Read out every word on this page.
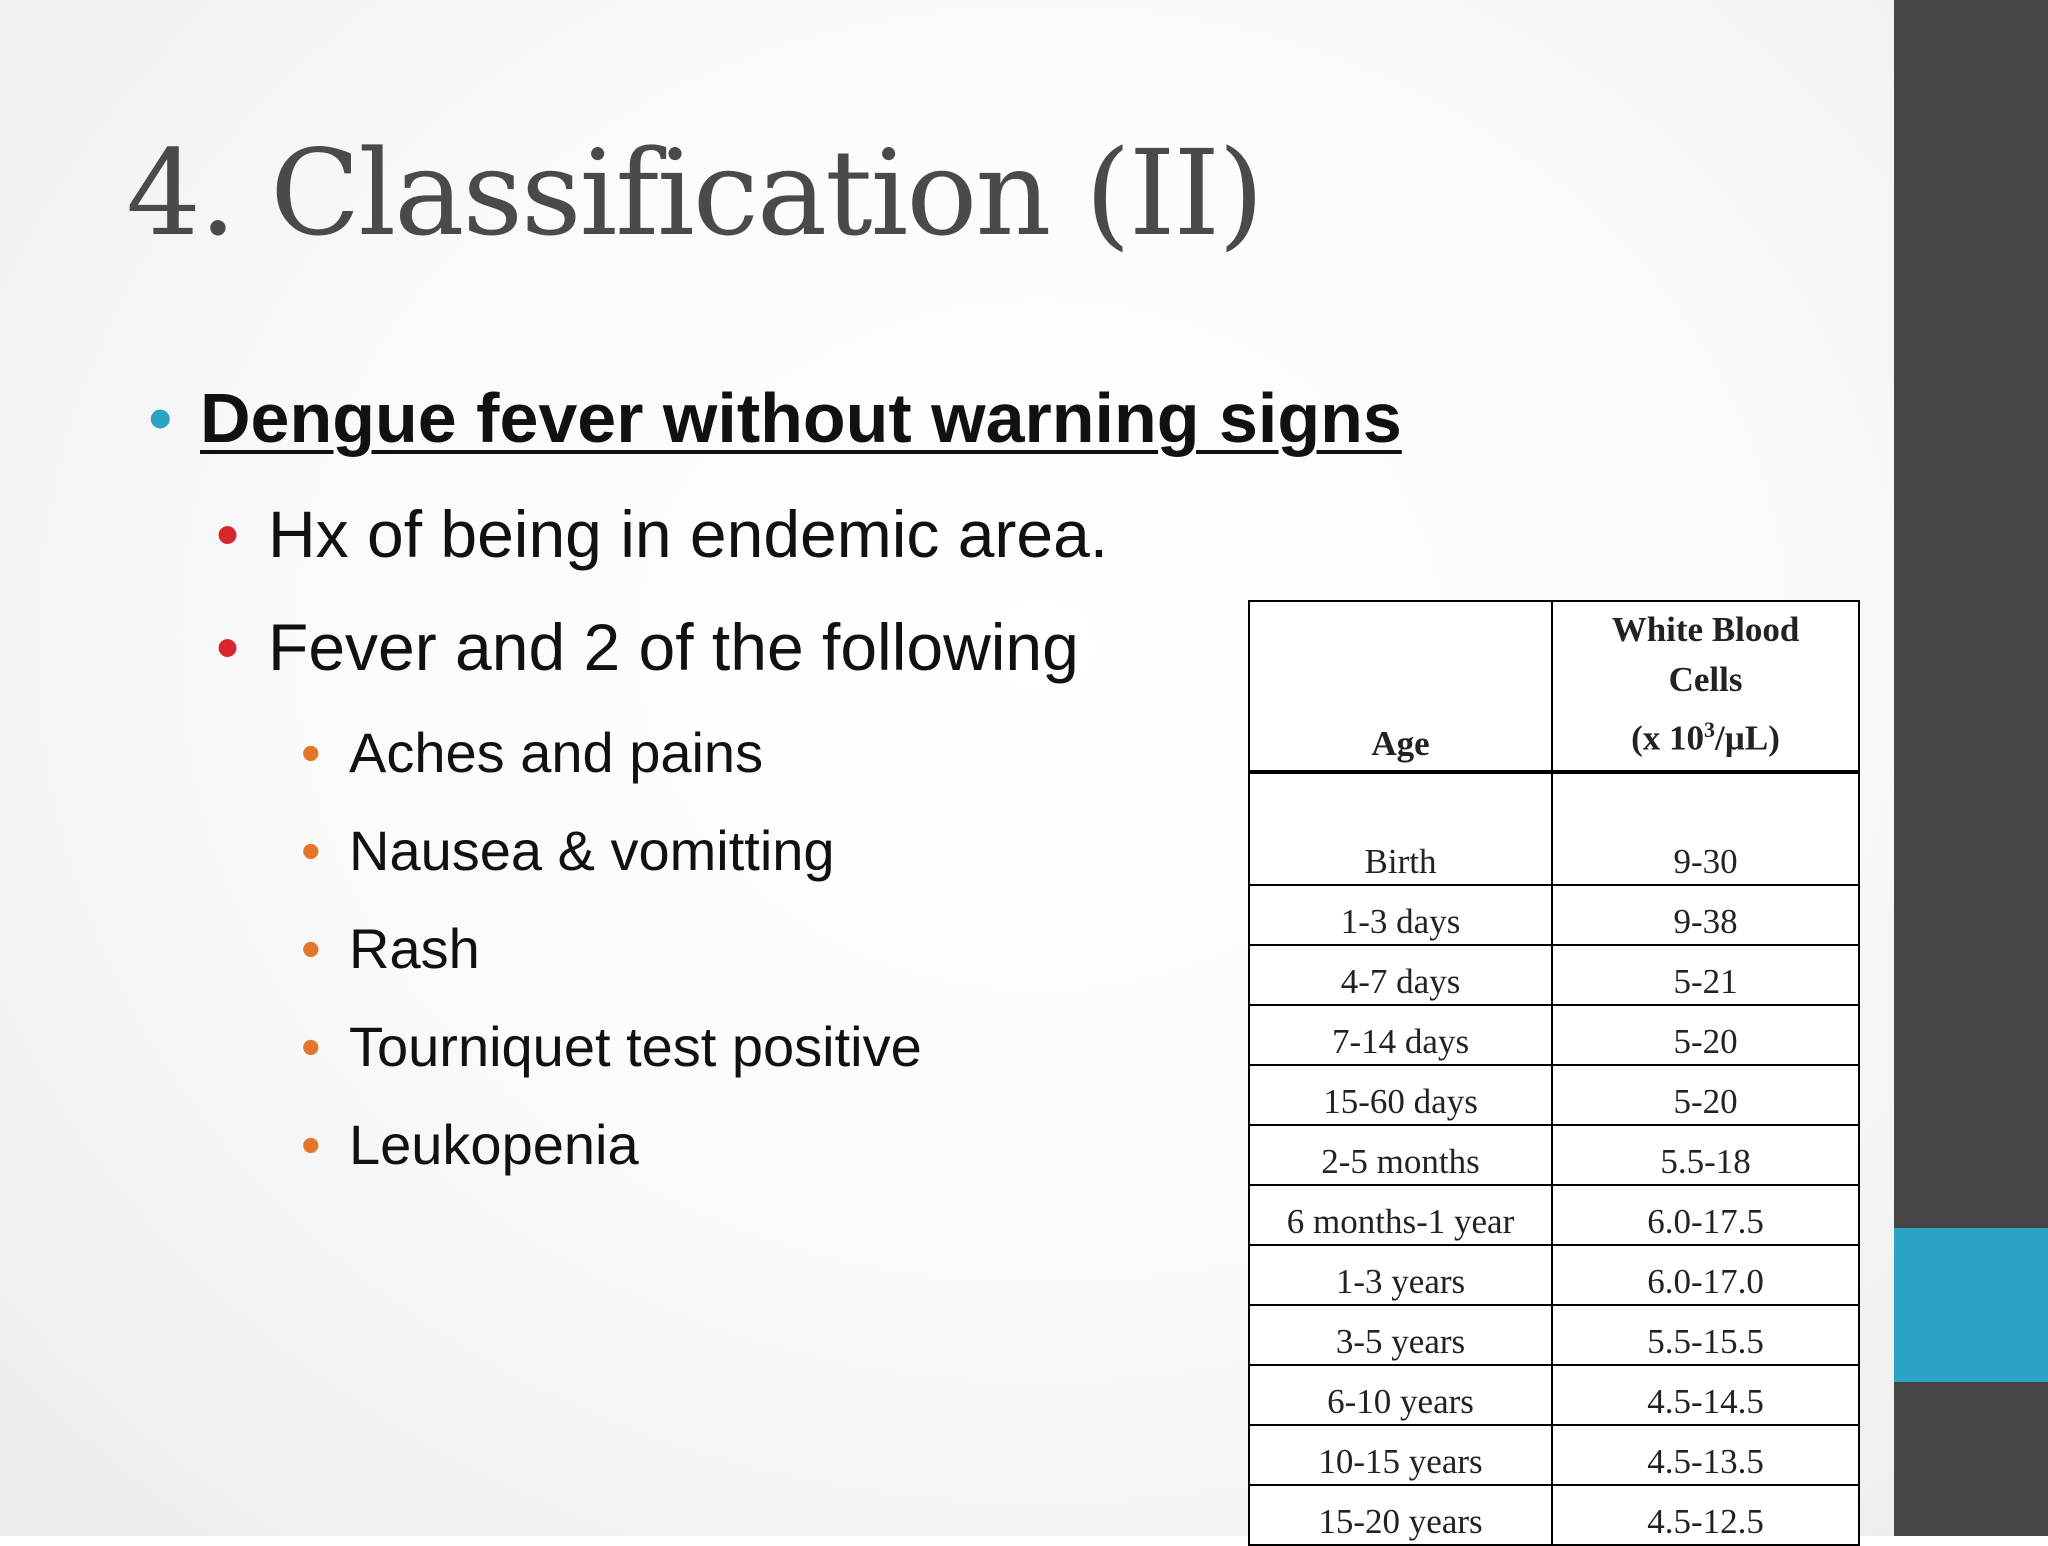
4. Classification (II)
• Dengue fever without warning signs
• Hx of being in endemic area.
• Fever and 2 of the following
• Aches and pains
• Nausea & vomitting
• Rash
• Tourniquet test positive
• Leukopenia
Age	White Blood
Cells
(x $10^3/\mu L$)
Birth	9-30
1-3 days	9-38
4-7 days	5-21
7-14 days	5-20
15-60 days	5-20
2-5 months	5.5-18
6 months-1 year	6.0-17.5
1-3 years	6.0-17.0
3-5 years	5.5-15.5
6-10 years	4.5-14.5
10-15 years	4.5-13.5
15-20 years	4.5-12.5
